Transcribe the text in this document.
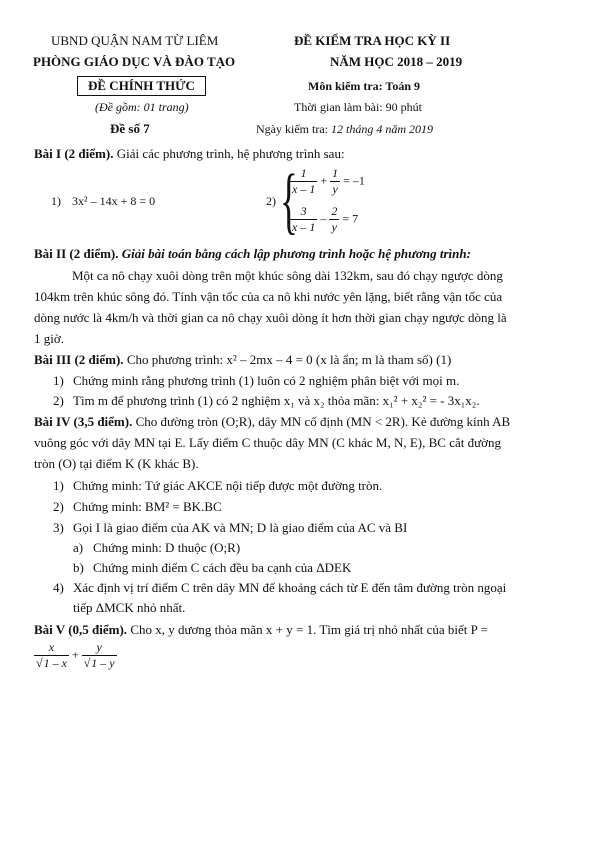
UBND QUẬN NAM TỪ LIÊM
PHÒNG GIÁO DỤC VÀ ĐÀO TẠO
ĐỀ CHÍNH THỨC
(Đề gồm: 01 trang)
Đề số 7
ĐỀ KIỂM TRA HỌC KỲ II
NĂM HỌC 2018 – 2019
Môn kiểm tra: Toán 9
Thời gian làm bài: 90 phút
Ngày kiểm tra: 12 tháng 4 năm 2019
Bài I (2 điểm). Giải các phương trình, hệ phương trình sau:
1) 3x² – 14x + 8 = 0	2) {
$\frac{1}{x - 1} + \frac{1}{y} = -1$
$\frac{3}{x - 1} - \frac{2}{y} = 7$
Bài II (2 điểm). Giải bài toán bằng cách lập phương trình hoặc hệ phương trình:
Một ca nô chạy xuôi dòng trên một khúc sông dài 132km, sau đó chạy ngược dòng
104km trên khúc sông đó. Tính vận tốc của ca nô khi nước yên lặng, biết rằng vận tốc của
dòng nước là 4km/h và thời gian ca nô chạy xuôi dòng ít hơn thời gian chạy ngược dòng là
1 giờ.
Bài III (2 điểm). Cho phương trình: x² – 2mx – 4 = 0 (x là ẩn; m là tham số) (1)
1) Chứng minh rằng phương trình (1) luôn có 2 nghiệm phân biệt với mọi m.
2) Tìm m để phương trình (1) có 2 nghiệm x₁ và x₂ thỏa mãn: x₁² + x₂² = - 3x₁x₂.
Bài IV (3,5 điểm). Cho đường tròn (O;R), dây MN cố định (MN < 2R). Kẻ đường kính AB
vuông góc với dây MN tại E. Lấy điểm C thuộc dây MN (C khác M, N, E), BC cắt đường
tròn (O) tại điểm K (K khác B).
1) Chứng minh: Tứ giác AKCE nội tiếp được một đường tròn.
2) Chứng minh: BM² = BK.BC
3) Gọi I là giao điểm của AK và MN; D là giao điểm của AC và BI
a) Chứng minh: D thuộc (O;R)
b) Chứng minh điểm C cách đều ba cạnh của ΔDEK
4) Xác định vị trí điểm C trên dây MN để khoảng cách từ E đến tâm đường tròn ngoại
tiếp ΔMCK nhỏ nhất.
Bài V (0,5 điểm). Cho x, y dương thỏa mãn x + y = 1. Tìm giá trị nhỏ nhất của biết P =
$\frac{x}{√1 - x} + \frac{y}{√1 - y}$
